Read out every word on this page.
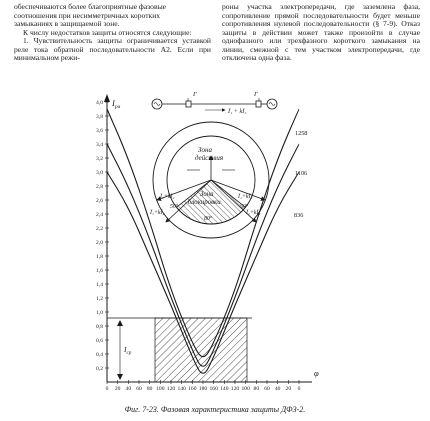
обеспечиваются более благоприятные фазовые

соотношения при несимметричных коротких

замыканиях в защищаемой зоне.

К числу недостатков защиты относятся следующие:

1. Чувствительность защиты ограничивается уставкой реле тока обратной последовательности А2. Если при минимальном режи-

роны участка электропередачи, где заземлена фаза, сопротивление прямой последовательности будет меньше сопротивления нулевой последовательности (§ 7-9). Отказ защиты в действии может также произойти в случае однофазного или трехфазного короткого замыкания на линии, смежной с тем участком электропередачи, где отключена одна фаза.

4,0
3,8
3,6
3,4
3,2
3,0
2,8
2,6
2,4
2,2
2,0
1,8
1,6
1,4
1,2
1,0
0,8
0,6
0,4
0,2
0 20 40 60 80 100 120 140 160 180 160 140 120 100 80 60 40 20 0
$I_{ра}$
φ
$I_{ср}$
Г	Г
Ī₁ + kĪ₂
Зона
действия
Зона
блокировки
Ī₁+kĪ₂
50°
Ī₁+kĪ₂
50°
Ī₁+kĪ₂	Ī₁+kĪ₂
80°
1258
1106
836
Фиг. 7-23. Фазовая характеристика защиты ДФЗ-2.
